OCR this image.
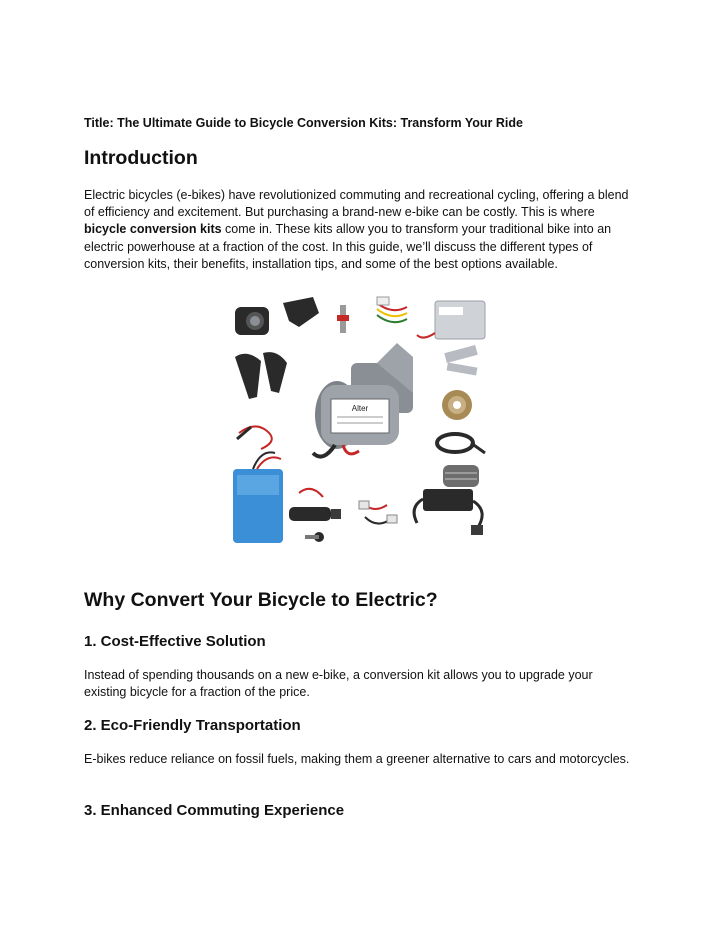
Title: The Ultimate Guide to Bicycle Conversion Kits: Transform Your Ride
Introduction

Electric bicycles (e-bikes) have revolutionized commuting and recreational cycling, offering a blend of efficiency and excitement. But purchasing a brand-new e-bike can be costly. This is where bicycle conversion kits come in. These kits allow you to transform your traditional bike into an electric powerhouse at a fraction of the cost. In this guide, we’ll discuss the different types of conversion kits, their benefits, installation tips, and some of the best options available.

Alter
Why Convert Your Bicycle to Electric?
1. Cost-Effective Solution

Instead of spending thousands on a new e-bike, a conversion kit allows you to upgrade your existing bicycle for a fraction of the price.

2. Eco-Friendly Transportation

E-bikes reduce reliance on fossil fuels, making them a greener alternative to cars and motorcycles.

3. Enhanced Commuting Experience
